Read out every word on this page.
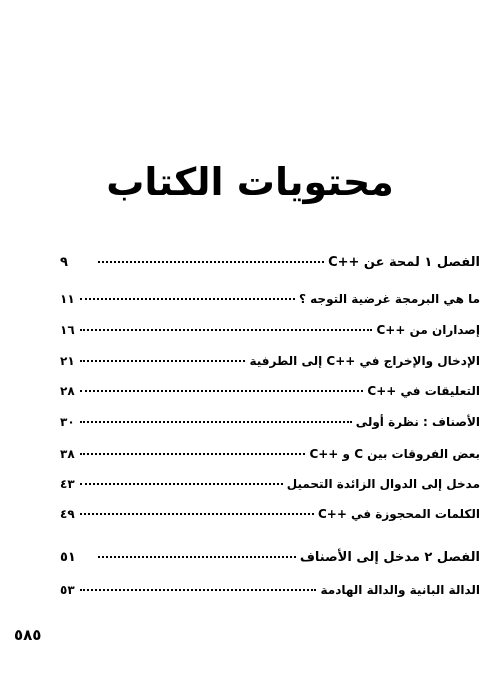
محتويات الكتاب
الفصل ١ لمحة عن ++C
٩
ما هي البرمجة غرضية التوجه ؟
١١
إصداران من ++C
١٦
الإدخال والإخراج في ++C إلى الطرفية
٢١
التعليقات في ++C
٢٨
الأصناف : نظرة أولى
٣٠
بعض الفروقات بين C و ++C
٣٨
مدخل إلى الدوال الزائدة التحميل
٤٣
الكلمات المحجوزة في ++C
٤٩
الفصل ٢ مدخل إلى الأصناف
٥١
الدالة البانية والدالة الهادمة
٥٣
٥٨٥
